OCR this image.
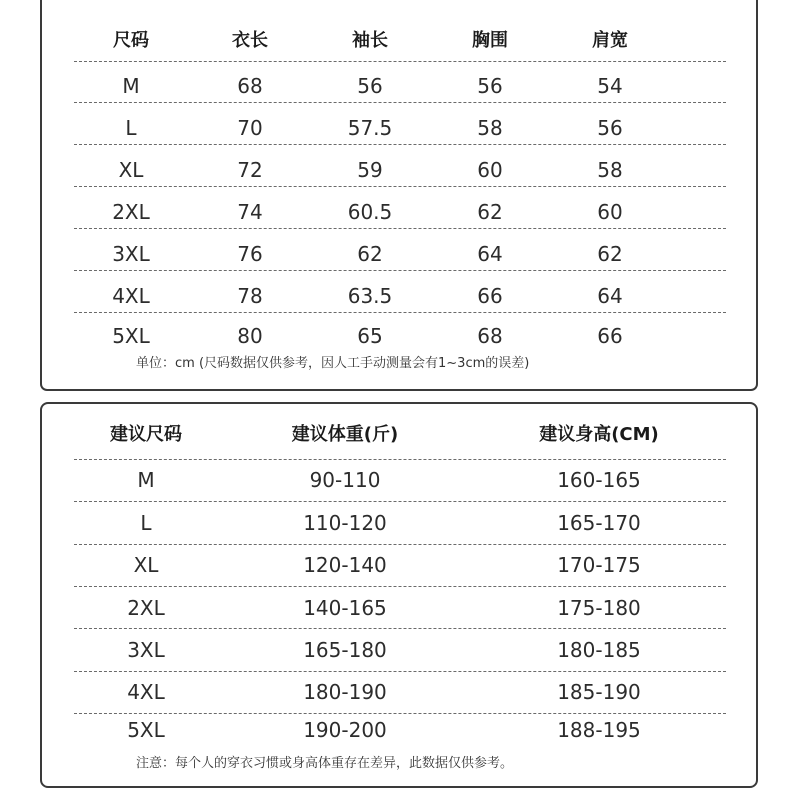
尺码	衣长	袖长	胸围	肩宽
M	68	56	56	54
L	70	57.5	58	56
XL	72	59	60	58
2XL	74	60.5	62	60
3XL	76	62	64	62
4XL	78	63.5	66	64
5XL	80	65	68	66
单位：cm (尺码数据仅供参考，因人工手动测量会有1~3cm的误差)
建议尺码	建议体重(斤)	建议身高(CM)
M	90-110	160-165
L	110-120	165-170
XL	120-140	170-175
2XL	140-165	175-180
3XL	165-180	180-185
4XL	180-190	185-190
5XL	190-200	188-195
注意：每个人的穿衣习惯或身高体重存在差异，此数据仅供参考。
